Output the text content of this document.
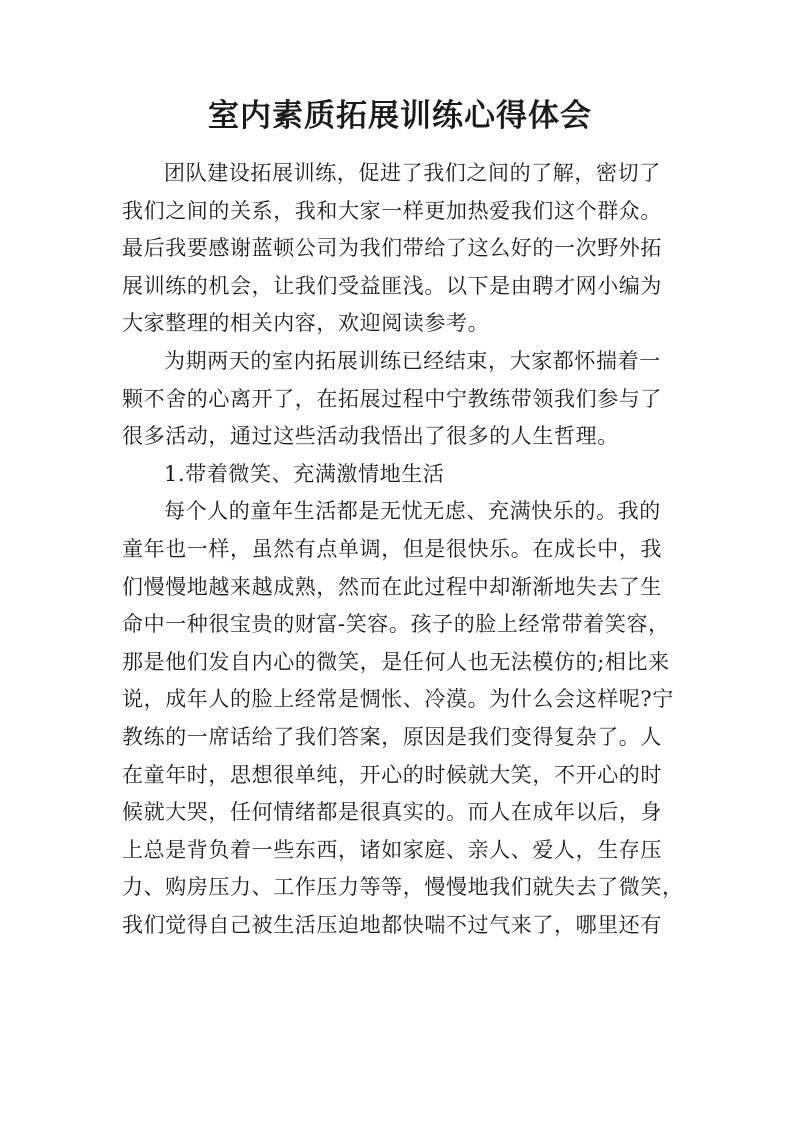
室内素质拓展训练心得体会
团队建设拓展训练，促进了我们之间的了解，密切了
我们之间的关系，我和大家一样更加热爱我们这个群众。
最后我要感谢蓝顿公司为我们带给了这么好的一次野外拓
展训练的机会，让我们受益匪浅。以下是由聘才网小编为
大家整理的相关内容，欢迎阅读参考。
为期两天的室内拓展训练已经结束，大家都怀揣着一
颗不舍的心离开了，在拓展过程中宁教练带领我们参与了
很多活动，通过这些活动我悟出了很多的人生哲理。
1.带着微笑、充满激情地生活
每个人的童年生活都是无忧无虑、充满快乐的。我的
童年也一样，虽然有点单调，但是很快乐。在成长中，我
们慢慢地越来越成熟，然而在此过程中却渐渐地失去了生
命中一种很宝贵的财富-笑容。孩子的脸上经常带着笑容，
那是他们发自内心的微笑，是任何人也无法模仿的;相比来
说，成年人的脸上经常是惆怅、冷漠。为什么会这样呢?宁
教练的一席话给了我们答案，原因是我们变得复杂了。人
在童年时，思想很单纯，开心的时候就大笑，不开心的时
候就大哭，任何情绪都是很真实的。而人在成年以后，身
上总是背负着一些东西，诸如家庭、亲人、爱人，生存压
力、购房压力、工作压力等等，慢慢地我们就失去了微笑，
我们觉得自己被生活压迫地都快喘不过气来了，哪里还有
